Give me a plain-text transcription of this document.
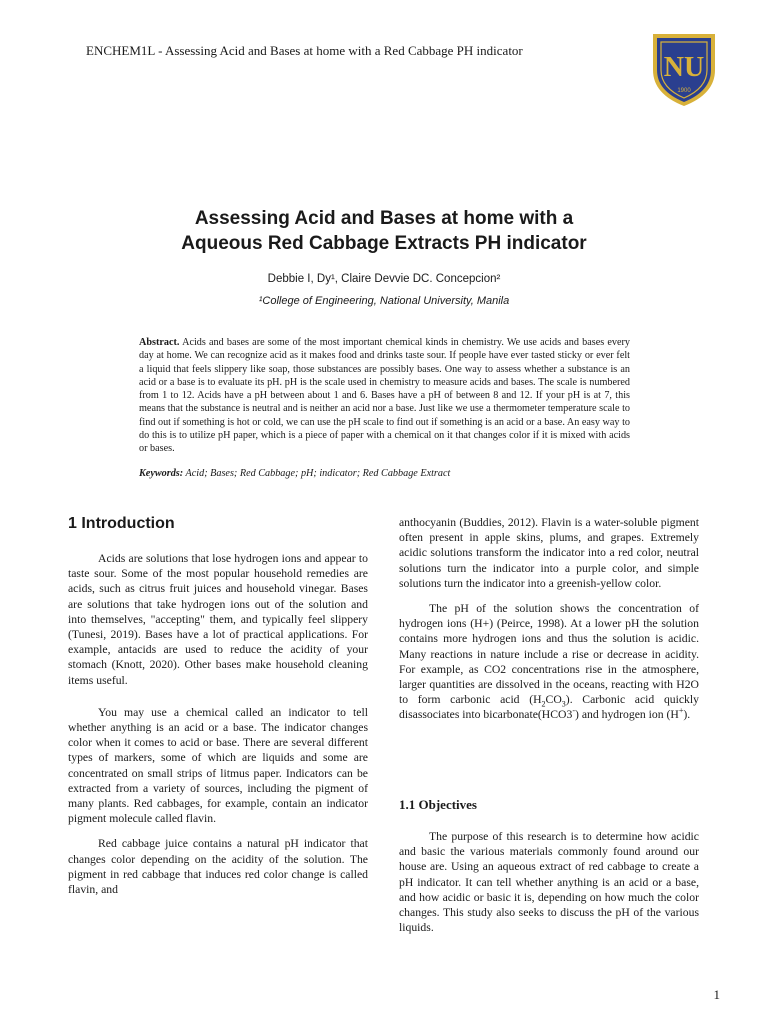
ENCHEM1L - Assessing Acid and Bases at home with a Red Cabbage PH indicator
NU
1900
Assessing Acid and Bases at home with a
Aqueous Red Cabbage Extracts PH indicator
Debbie I, Dy¹, Claire Devvie DC. Concepcion²
¹College of Engineering, National University, Manila
Abstract. Acids and bases are some of the most important chemical kinds in chemistry. We use acids and bases every day at home. We can recognize acid as it makes food and drinks taste sour. If people have ever tasted sticky or ever felt a liquid that feels slippery like soap, those substances are possibly bases. One way to assess whether a substance is an acid or a base is to evaluate its pH. pH is the scale used in chemistry to measure acids and bases. The scale is numbered from 1 to 12. Acids have a pH between about 1 and 6. Bases have a pH of between 8 and 12. If your pH is at 7, this means that the substance is neutral and is neither an acid nor a base. Just like we use a thermometer temperature scale to find out if something is hot or cold, we can use the pH scale to find out if something is an acid or a base. An easy way to do this is to utilize pH paper, which is a piece of paper with a chemical on it that changes color if it is mixed with acids or bases.
Keywords: Acid; Bases; Red Cabbage; pH; indicator; Red Cabbage Extract
1 Introduction

Acids are solutions that lose hydrogen ions and appear to taste sour. Some of the most popular household remedies are acids, such as citrus fruit juices and household vinegar. Bases are solutions that take hydrogen ions out of the solution and into themselves, "accepting" them, and typically feel slippery (Tunesi, 2019). Bases have a lot of practical applications. For example, antacids are used to reduce the acidity of your stomach (Knott, 2020). Other bases make household cleaning items useful.

You may use a chemical called an indicator to tell whether anything is an acid or a base. The indicator changes color when it comes to acid or base. There are several different types of markers, some of which are liquids and some are concentrated on small strips of litmus paper. Indicators can be extracted from a variety of sources, including the pigment of many plants. Red cabbages, for example, contain an indicator pigment molecule called flavin.

Red cabbage juice contains a natural pH indicator that changes color depending on the acidity of the solution. The pigment in red cabbage that induces red color change is called flavin, and

anthocyanin (Buddies, 2012). Flavin is a water-soluble pigment often present in apple skins, plums, and grapes. Extremely acidic solutions transform the indicator into a red color, neutral solutions turn the indicator into a purple color, and simple solutions turn the indicator into a greenish-yellow color.

The pH of the solution shows the concentration of hydrogen ions (H+) (Peirce, 1998). At a lower pH the solution contains more hydrogen ions and thus the solution is acidic. Many reactions in nature include a rise or decrease in acidity. For example, as CO2 concentrations rise in the atmosphere, larger quantities are dissolved in the oceans, reacting with H2O to form carbonic acid $(H_2CO_3)$. Carbonic acid quickly disassociates into bicarbonate(HCO3-) and hydrogen ion (H+).

1.1 Objectives

The purpose of this research is to determine how acidic and basic the various materials commonly found around our house are. Using an aqueous extract of red cabbage to create a pH indicator. It can tell whether anything is an acid or a base, and how acidic or basic it is, depending on how much the color changes. This study also seeks to discuss the pH of the various liquids.

1
